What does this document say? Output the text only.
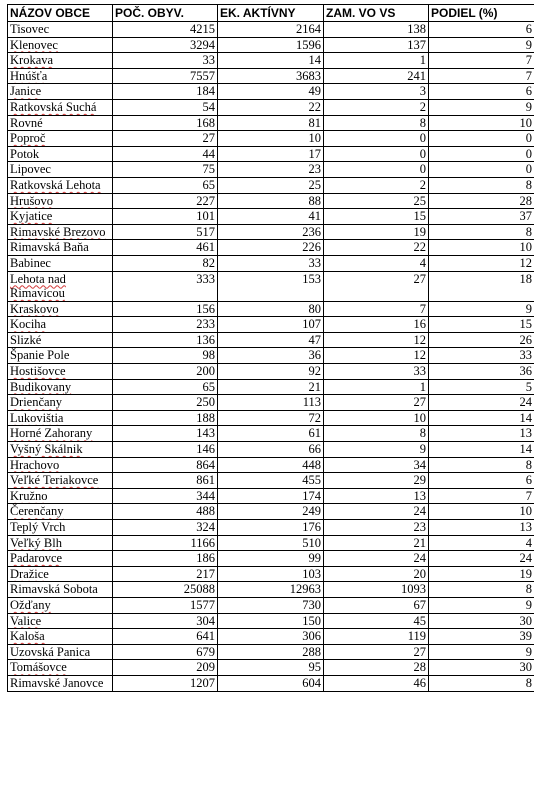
NÁZOV OBCE	POČ. OBYV.	EK. AKTÍVNY	ZAM. VO VS	PODIEL (%)
Tisovec	4215	2164	138	6
Klenovec	3294	1596	137	9
Krokava	33	14	1	7
Hnúšťa	7557	3683	241	7
Janice	184	49	3	6
Ratkovská Suchá	54	22	2	9
Rovné	168	81	8	10
Poproč	27	10	0	0
Potok	44	17	0	0
Lipovec	75	23	0	0
Ratkovská Lehota	65	25	2	8
Hrušovo	227	88	25	28
Kyjatice	101	41	15	37
Rimavské Brezovo	517	236	19	8
Rimavská Baňa	461	226	22	10
Babinec	82	33	4	12
Lehota nad Rimavicou	333	153	27	18
Kraskovo	156	80	7	9
Kociha	233	107	16	15
Slizké	136	47	12	26
Španie Pole	98	36	12	33
Hostišovce	200	92	33	36
Budikovany	65	21	1	5
Drienčany	250	113	27	24
Lukovištia	188	72	10	14
Horné Zahorany	143	61	8	13
Vyšný Skálnik	146	66	9	14
Hrachovo	864	448	34	8
Veľké Teriakovce	861	455	29	6
Kružno	344	174	13	7
Čerenčany	488	249	24	10
Teplý Vrch	324	176	23	13
Veľký Blh	1166	510	21	4
Padarovce	186	99	24	24
Dražice	217	103	20	19
Rimavská Sobota	25088	12963	1093	8
Ožďany	1577	730	67	9
Valice	304	150	45	30
Kaloša	641	306	119	39
Uzovská Panica	679	288	27	9
Tomášovce	209	95	28	30
Rimavské Janovce	1207	604	46	8
